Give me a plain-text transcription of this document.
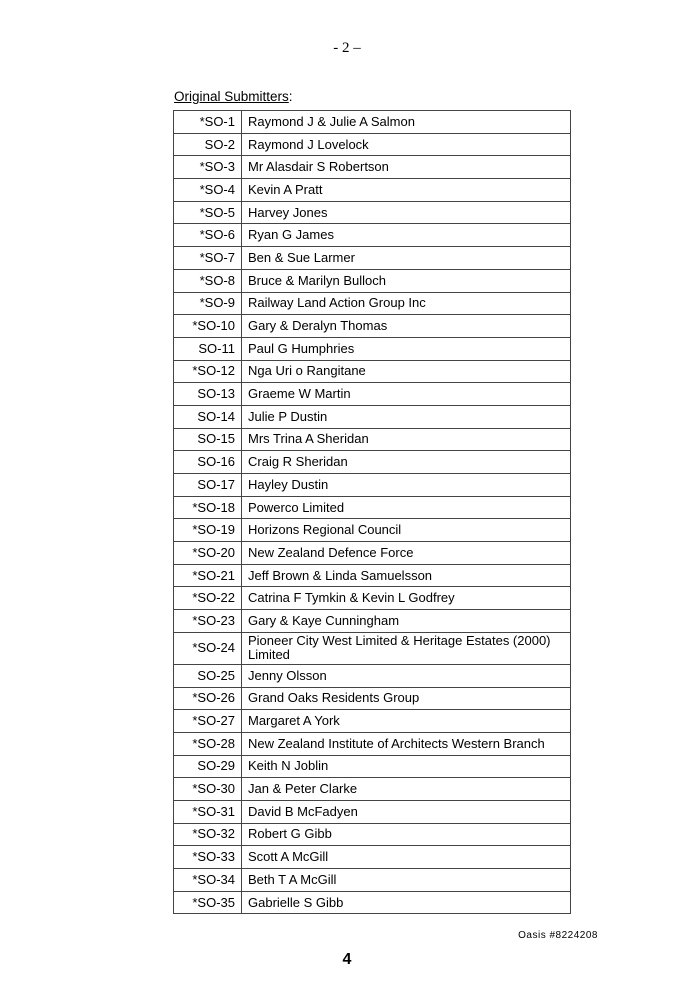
- 2 –
Original Submitters:
*SO-1	Raymond J & Julie A Salmon
SO-2	Raymond J Lovelock
*SO-3	Mr Alasdair S Robertson
*SO-4	Kevin A Pratt
*SO-5	Harvey Jones
*SO-6	Ryan G James
*SO-7	Ben & Sue Larmer
*SO-8	Bruce & Marilyn Bulloch
*SO-9	Railway Land Action Group Inc
*SO-10	Gary & Deralyn Thomas
SO-11	Paul G Humphries
*SO-12	Nga Uri o Rangitane
SO-13	Graeme W Martin
SO-14	Julie P Dustin
SO-15	Mrs Trina A Sheridan
SO-16	Craig R Sheridan
SO-17	Hayley Dustin
*SO-18	Powerco Limited
*SO-19	Horizons Regional Council
*SO-20	New Zealand Defence Force
*SO-21	Jeff Brown & Linda Samuelsson
*SO-22	Catrina F Tymkin & Kevin L Godfrey
*SO-23	Gary & Kaye Cunningham
*SO-24	Pioneer City West Limited & Heritage Estates (2000) Limited
SO-25	Jenny Olsson
*SO-26	Grand Oaks Residents Group
*SO-27	Margaret A York
*SO-28	New Zealand Institute of Architects Western Branch
SO-29	Keith N Joblin
*SO-30	Jan & Peter Clarke
*SO-31	David B McFadyen
*SO-32	Robert G Gibb
*SO-33	Scott A McGill
*SO-34	Beth T A McGill
*SO-35	Gabrielle S Gibb
Oasis #8224208
4
